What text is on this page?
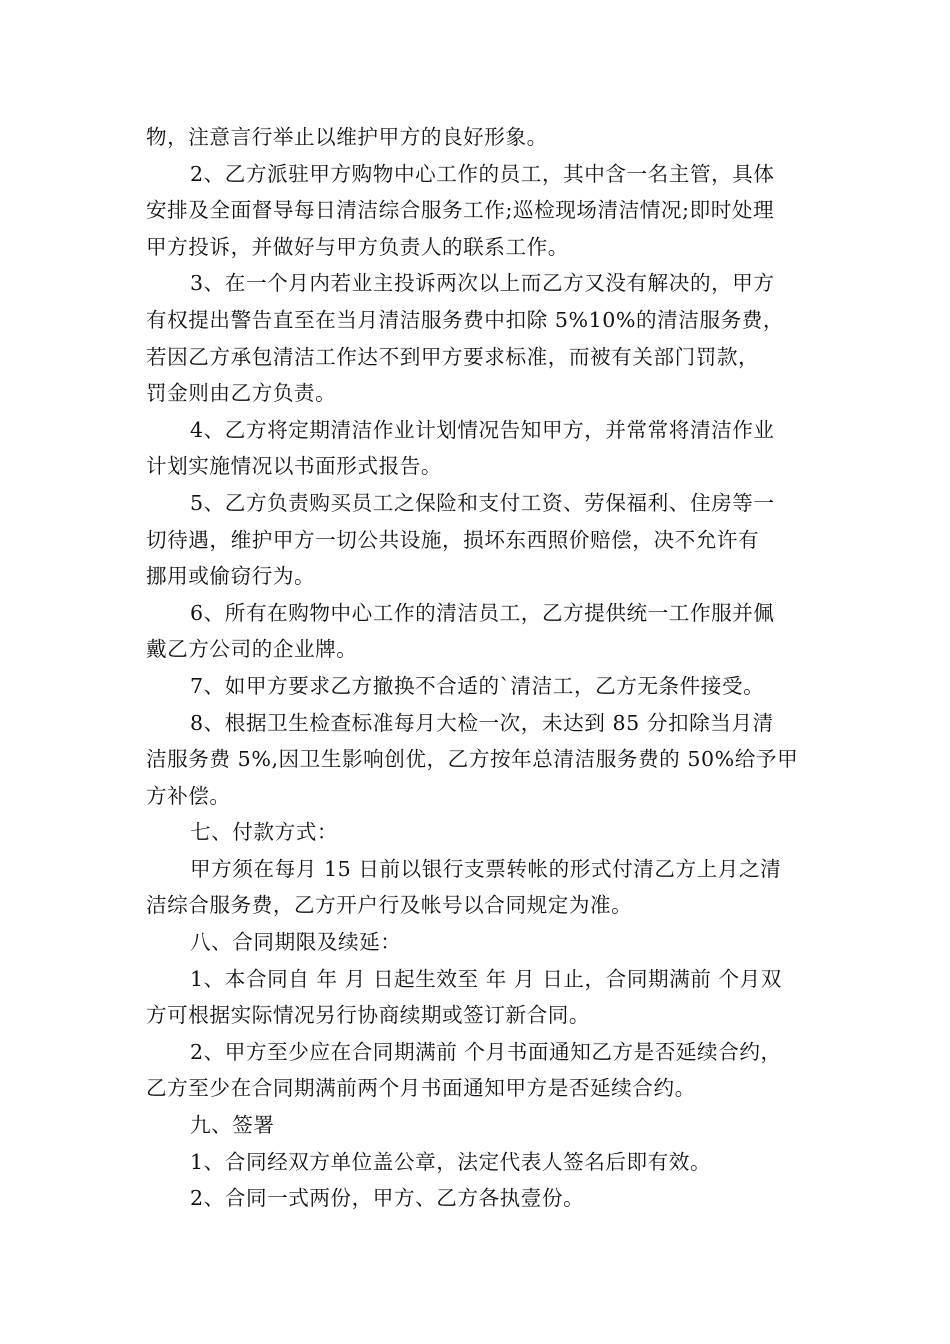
物，注意言行举止以维护甲方的良好形象。
2、乙方派驻甲方购物中心工作的员工，其中含一名主管，具体
安排及全面督导每日清洁综合服务工作;巡检现场清洁情况;即时处理
甲方投诉，并做好与甲方负责人的联系工作。
3、在一个月内若业主投诉两次以上而乙方又没有解决的，甲方
有权提出警告直至在当月清洁服务费中扣除 5%10%的清洁服务费，
若因乙方承包清洁工作达不到甲方要求标准，而被有关部门罚款，
罚金则由乙方负责。
4、乙方将定期清洁作业计划情况告知甲方，并常常将清洁作业
计划实施情况以书面形式报告。
5、乙方负责购买员工之保险和支付工资、劳保福利、住房等一
切待遇，维护甲方一切公共设施，损坏东西照价赔偿，决不允许有
挪用或偷窃行为。
6、所有在购物中心工作的清洁员工，乙方提供统一工作服并佩
戴乙方公司的企业牌。
7、如甲方要求乙方撤换不合适的`清洁工，乙方无条件接受。
8、根据卫生检查标准每月大检一次，未达到 85 分扣除当月清
洁服务费 5%,因卫生影响创优，乙方按年总清洁服务费的 50%给予甲
方补偿。
七、付款方式：
甲方须在每月 15 日前以银行支票转帐的形式付清乙方上月之清
洁综合服务费，乙方开户行及帐号以合同规定为准。
八、合同期限及续延：
1、本合同自 年 月 日起生效至 年 月 日止，合同期满前 个月双
方可根据实际情况另行协商续期或签订新合同。
2、甲方至少应在合同期满前 个月书面通知乙方是否延续合约，
乙方至少在合同期满前两个月书面通知甲方是否延续合约。
九、签署
1、合同经双方单位盖公章，法定代表人签名后即有效。
2、合同一式两份，甲方、乙方各执壹份。
